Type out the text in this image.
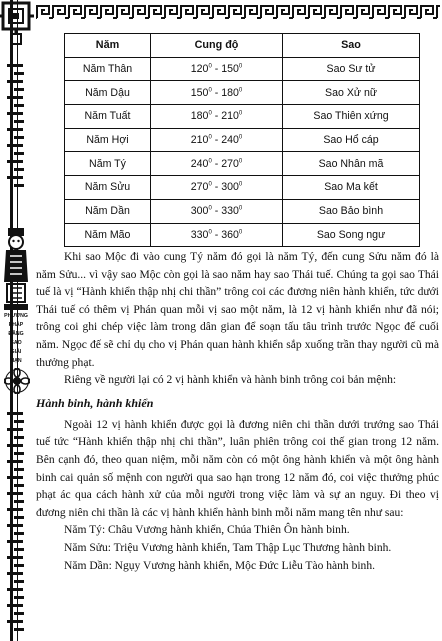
PHƯƠNG
PHÁP
ĐĂNG
SAO
GIẢI
HẠN
Năm	Cung độ	Sao
Năm Thân	$120^0 - 150^0$	Sao Sư tử
Năm Dậu	$150^0 - 180^0$	Sao Xử nữ
Năm Tuất	$180^0 - 210^0$	Sao Thiên xứng
Năm Hợi	$210^0 - 240^0$	Sao Hổ cáp
Năm Tý	$240^0 - 270^0$	Sao Nhân mã
Năm Sửu	$270^0 - 300^0$	Sao Ma kết
Năm Dần	$300^0 - 330^0$	Sao Bảo bình
Năm Mão	$330^0 - 360^0$	Sao Song ngư

Khi sao Mộc đi vào cung Tý năm đó gọi là năm Tý, đến cung Sửu năm đó là năm Sửu... vì vậy sao Mộc còn gọi là sao năm hay sao Thái tuế. Chúng ta gọi sao Thái tuế là vị “Hành khiển thập nhị chi thần” trông coi các đương niên hành khiển, tức dưới Thái tuế có thêm vị Phán quan mỗi vị sao một năm, là 12 vị hành khiển như đã nói; trông coi ghi chép việc làm trong dân gian để soạn tấu tâu trình trước Ngọc đế cuối năm. Ngọc đế sẽ chỉ dụ cho vị Phán quan hành khiển sắp xuống trần thay người cũ mà thưởng phạt.

Riêng về người lại có 2 vị hành khiển và hành binh trông coi bản mệnh:

Hành binh, hành khiển

Ngoài 12 vị hành khiển được gọi là đương niên chi thần dưới trướng sao Thái tuế tức “Hành khiển thập nhị chi thần”, luân phiên trông coi thế gian trong 12 năm. Bên cạnh đó, theo quan niệm, mỗi năm còn có một ông hành khiển và một ông hành binh cai quản số mệnh con người qua sao hạn trong 12 năm đó, coi việc thưởng phúc phạt ác qua cách hành xử của mỗi người trong việc làm và sự an nguy. Đi theo vị đương niên chi thần là các vị hành khiển hành binh mỗi năm mang tên như sau:

Năm Tý: Châu Vương hành khiển, Chúa Thiên Ôn hành binh.

Năm Sửu: Triệu Vương hành khiển, Tam Thập Lục Thương hành binh.

Năm Dần: Ngụy Vương hành khiển, Mộc Đức Liễu Tào hành binh.
